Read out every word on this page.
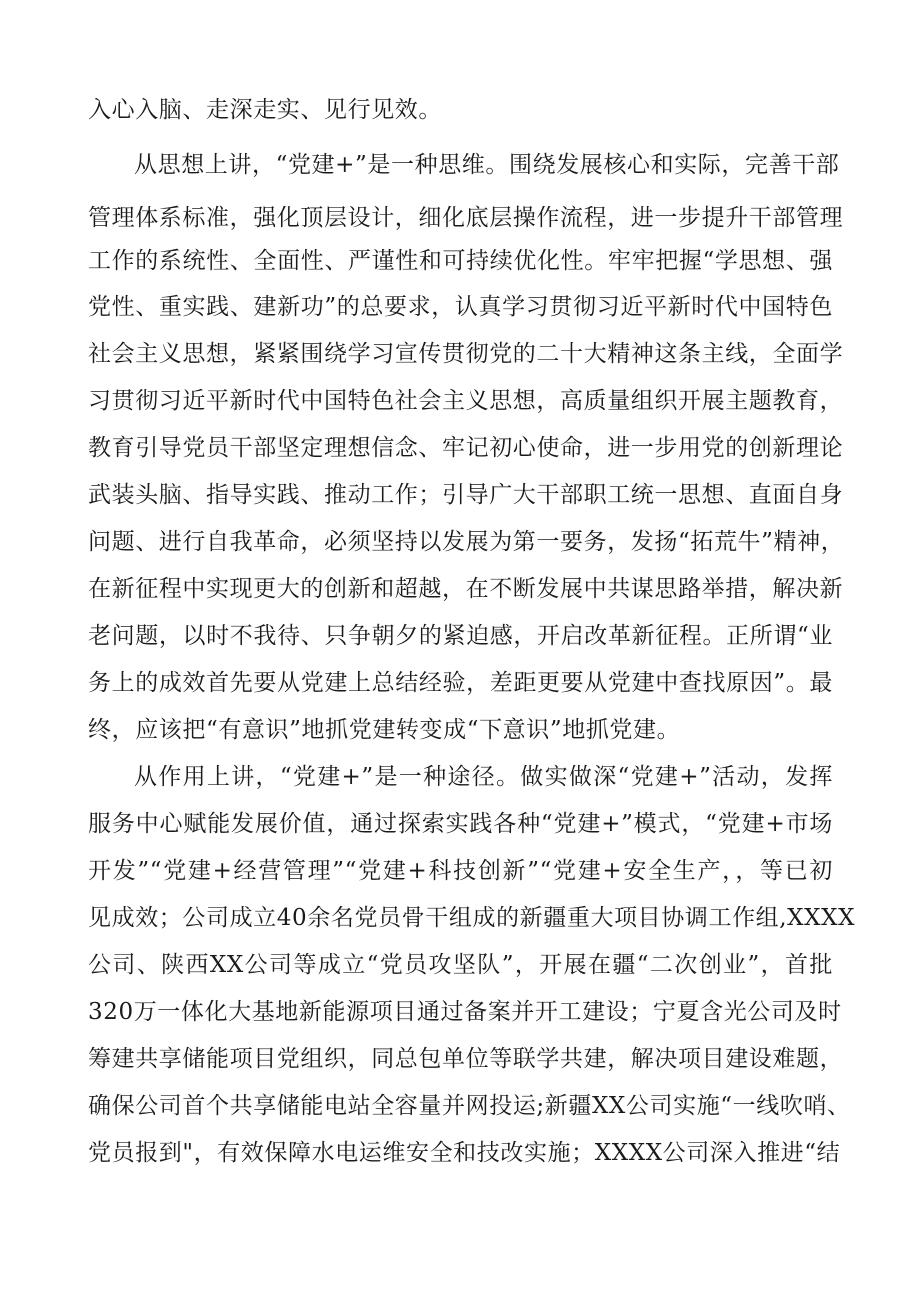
入心入脑、走深走实、见行见效。
从思想上讲，“党建+”是一种思维。围绕发展核心和实际，完善干部
管理体系标准，强化顶层设计，细化底层操作流程，进一步提升干部管理
工作的系统性、全面性、严谨性和可持续优化性。牢牢把握“学思想、强
党性、重实践、建新功”的总要求，认真学习贯彻习近平新时代中国特色
社会主义思想，紧紧围绕学习宣传贯彻党的二十大精神这条主线，全面学
习贯彻习近平新时代中国特色社会主义思想，高质量组织开展主题教育，
教育引导党员干部坚定理想信念、牢记初心使命，进一步用党的创新理论
武装头脑、指导实践、推动工作；引导广大干部职工统一思想、直面自身
问题、进行自我革命，必须坚持以发展为第一要务，发扬“拓荒牛”精神，
在新征程中实现更大的创新和超越，在不断发展中共谋思路举措，解决新
老问题，以时不我待、只争朝夕的紧迫感，开启改革新征程。正所谓“业
务上的成效首先要从党建上总结经验，差距更要从党建中查找原因”。最
终，应该把“有意识”地抓党建转变成“下意识”地抓党建。
从作用上讲，“党建+”是一种途径。做实做深“党建+”活动，发挥
服务中心赋能发展价值，通过探索实践各种“党建+”模式，“党建+市场
开发”“党建+经营管理”“党建+科技创新”“党建+安全生产，，等已初
见成效；公司成立40余名党员骨干组成的新疆重大项目协调工作组,XXXX
公司、陕西XX公司等成立“党员攻坚队”，开展在疆“二次创业”，首批
320万一体化大基地新能源项目通过备案并开工建设；宁夏含光公司及时
筹建共享储能项目党组织，同总包单位等联学共建，解决项目建设难题，
确保公司首个共享储能电站全容量并网投运;新疆XX公司实施“一线吹哨、
党员报到"，有效保障水电运维安全和技改实施；XXXX公司深入推进“结
